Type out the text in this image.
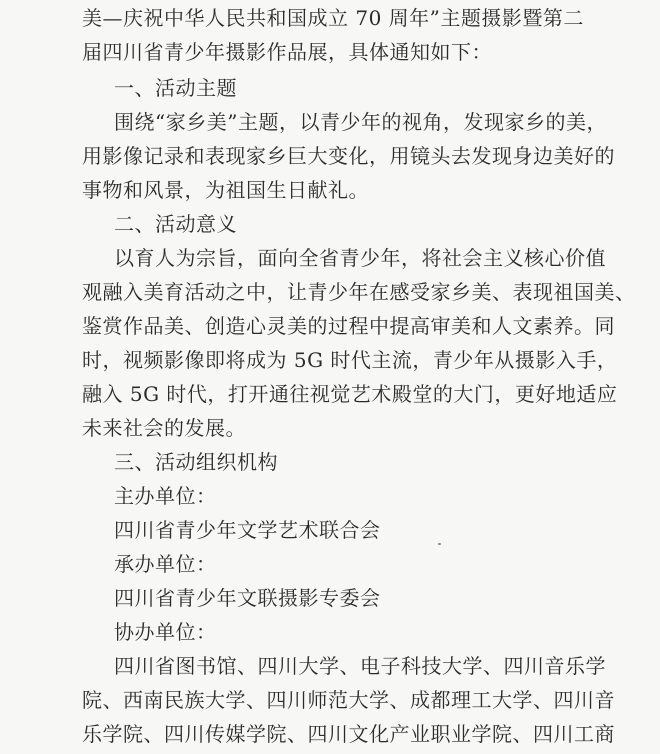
美—庆祝中华人民共和国成立 70 周年”主题摄影暨第二
届四川省青少年摄影作品展，具体通知如下：
一、活动主题
围绕“家乡美”主题，以青少年的视角，发现家乡的美，
用影像记录和表现家乡巨大变化，用镜头去发现身边美好的
事物和风景，为祖国生日献礼。
二、活动意义
以育人为宗旨，面向全省青少年，将社会主义核心价值
观融入美育活动之中，让青少年在感受家乡美、表现祖国美、
鉴赏作品美、创造心灵美的过程中提高审美和人文素养。同
时，视频影像即将成为 5G 时代主流，青少年从摄影入手，
融入 5G 时代，打开通往视觉艺术殿堂的大门，更好地适应
未来社会的发展。
三、活动组织机构
主办单位：
四川省青少年文学艺术联合会
承办单位：
四川省青少年文联摄影专委会
协办单位：
四川省图书馆、四川大学、电子科技大学、四川音乐学
院、西南民族大学、四川师范大学、成都理工大学、四川音
乐学院、四川传媒学院、四川文化产业职业学院、四川工商
